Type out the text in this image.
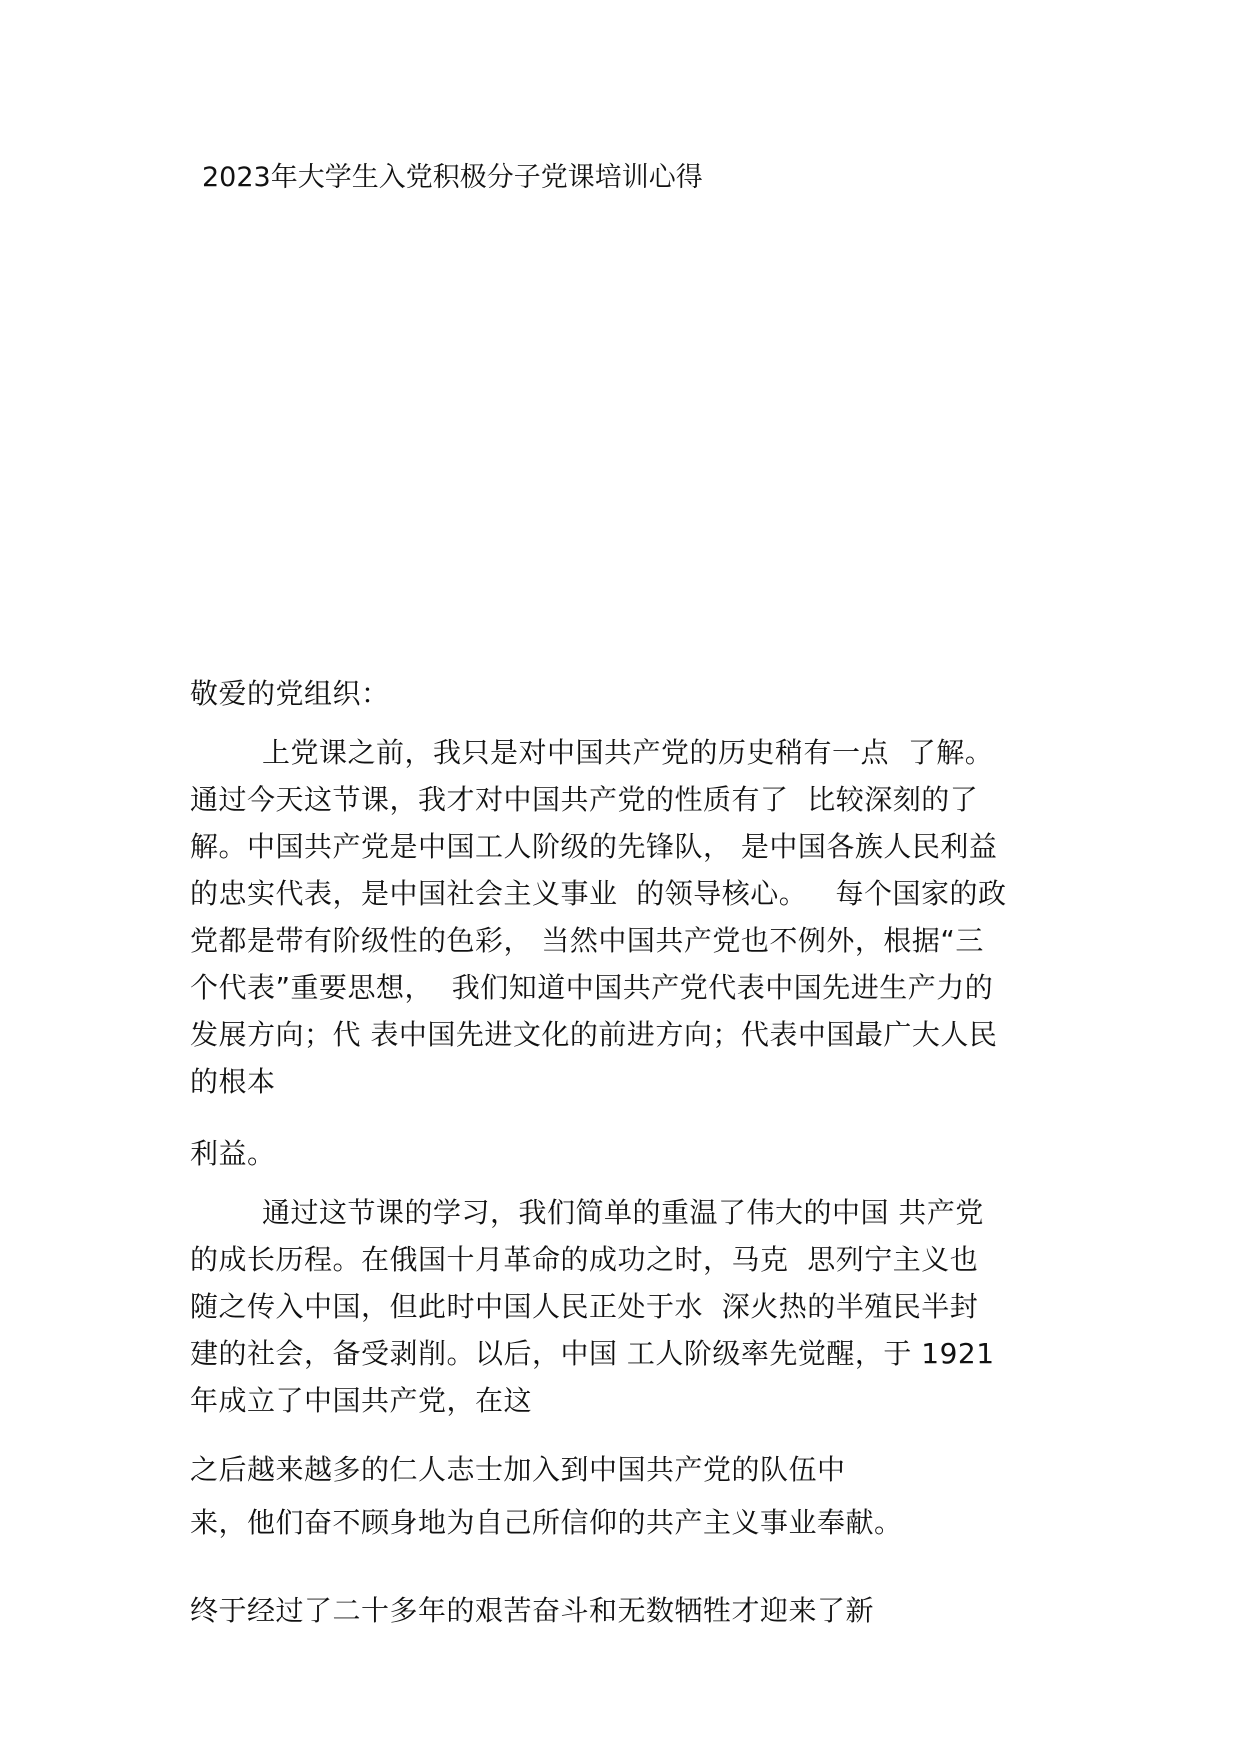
2023年大学生入党积极分子党课培训心得

敬爱的党组织：

上党课之前，我只是对中国共产党的历史稍有一点  了解。

通过今天这节课，我才对中国共产党的性质有了  比较深刻的了

解。中国共产党是中国工人阶级的先锋队， 是中国各族人民利益

的忠实代表，是中国社会主义事业  的领导核心。   每个国家的政

党都是带有阶级性的色彩， 当然中国共产党也不例外，根据“三

个代表”重要思想，  我们知道中国共产党代表中国先进生产力的

发展方向；代 表中国先进文化的前进方向；代表中国最广大人民

的根本

利益。

通过这节课的学习，我们简单的重温了伟大的中国 共产党

的成长历程。在俄国十月革命的成功之时，马克  思列宁主义也

随之传入中国，但此时中国人民正处于水  深火热的半殖民半封

建的社会，备受剥削。以后，中国 工人阶级率先觉醒，于 1921

年成立了中国共产党，在这

之后越来越多的仁人志士加入到中国共产党的队伍中

来，他们奋不顾身地为自己所信仰的共产主义事业奉献。

终于经过了二十多年的艰苦奋斗和无数牺牲才迎来了新
